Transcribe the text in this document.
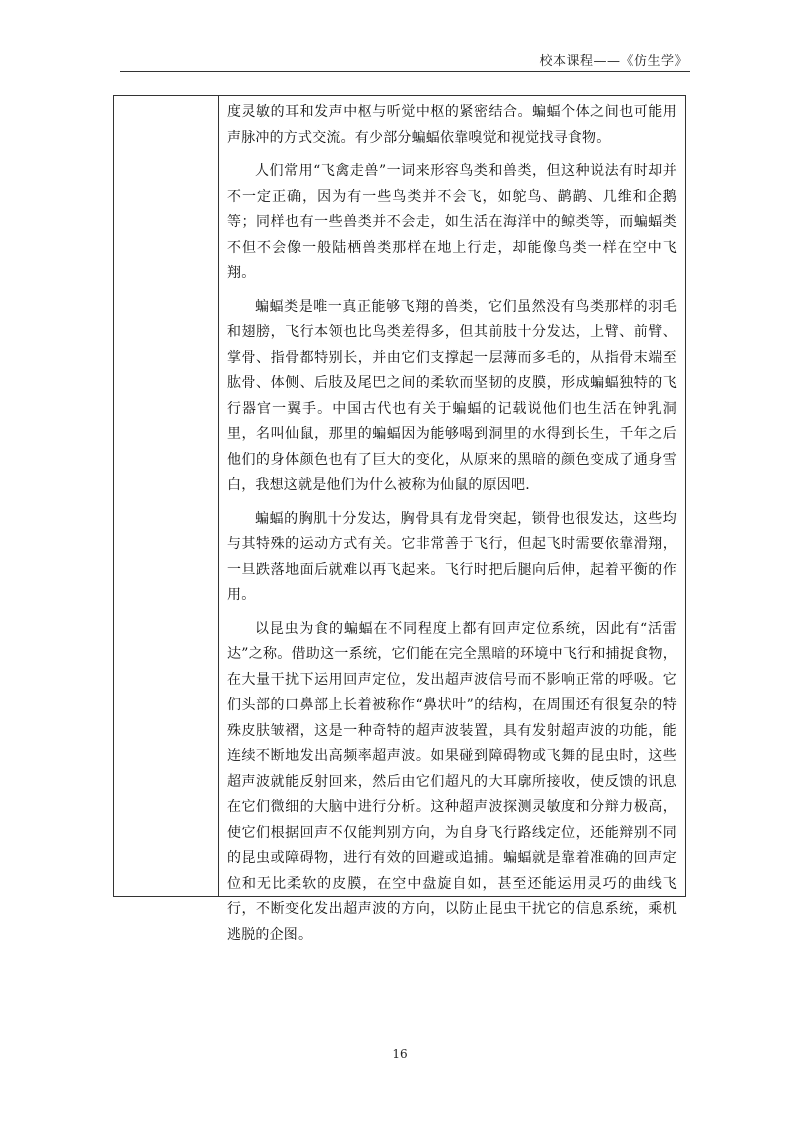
校本课程——《仿生学》

度灵敏的耳和发声中枢与听觉中枢的紧密结合。蝙蝠个体之间也可能用声脉冲的方式交流。有少部分蝙蝠依靠嗅觉和视觉找寻食物。

人们常用“飞禽走兽”一词来形容鸟类和兽类，但这种说法有时却并不一定正确，因为有一些鸟类并不会飞，如鸵鸟、鹋鹋、几维和企鹅等；同样也有一些兽类并不会走，如生活在海洋中的鲸类等，而蝙蝠类不但不会像一般陆栖兽类那样在地上行走，却能像鸟类一样在空中飞翔。

蝙蝠类是唯一真正能够飞翔的兽类，它们虽然没有鸟类那样的羽毛和翅膀，飞行本领也比鸟类差得多，但其前肢十分发达，上臂、前臂、掌骨、指骨都特别长，并由它们支撑起一层薄而多毛的，从指骨末端至肱骨、体侧、后肢及尾巴之间的柔软而坚韧的皮膜，形成蝙蝠独特的飞行器官一翼手。中国古代也有关于蝙蝠的记载说他们也生活在钟乳洞里，名叫仙鼠，那里的蝙蝠因为能够喝到洞里的水得到长生，千年之后他们的身体颜色也有了巨大的变化，从原来的黑暗的颜色变成了通身雪白，我想这就是他们为什么被称为仙鼠的原因吧.

蝙蝠的胸肌十分发达，胸骨具有龙骨突起，锁骨也很发达，这些均与其特殊的运动方式有关。它非常善于飞行，但起飞时需要依靠滑翔，一旦跌落地面后就难以再飞起来。飞行时把后腿向后伸，起着平衡的作用。

以昆虫为食的蝙蝠在不同程度上都有回声定位系统，因此有“活雷达”之称。借助这一系统，它们能在完全黑暗的环境中飞行和捕捉食物，在大量干扰下运用回声定位，发出超声波信号而不影响正常的呼吸。它们头部的口鼻部上长着被称作“鼻状叶”的结构，在周围还有很复杂的特殊皮肤皱褶，这是一种奇特的超声波装置，具有发射超声波的功能，能连续不断地发出高频率超声波。如果碰到障碍物或飞舞的昆虫时，这些超声波就能反射回来，然后由它们超凡的大耳廓所接收，使反馈的讯息在它们微细的大脑中进行分析。这种超声波探测灵敏度和分辩力极高，使它们根据回声不仅能判别方向，为自身飞行路线定位，还能辩别不同的昆虫或障碍物，进行有效的回避或追捕。蝙蝠就是靠着准确的回声定位和无比柔软的皮膜，在空中盘旋自如，甚至还能运用灵巧的曲线飞行，不断变化发出超声波的方向，以防止昆虫干扰它的信息系统，乘机逃脱的企图。

16
